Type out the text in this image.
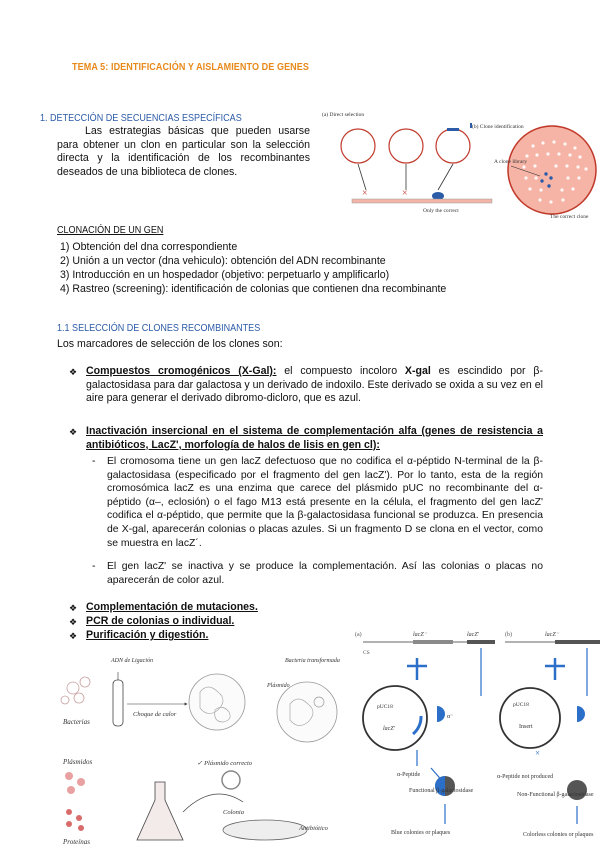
TEMA 5: IDENTIFICACIÓN Y AISLAMIENTO DE GENES
1. DETECCIÓN DE SECUENCIAS ESPECÍFICAS
Las estrategias básicas que pueden usarse para obtener un clon en particular son la selección directa y la identificación de los recombinantes deseados de una biblioteca de clones.
(a) Direct selection
×	×
Only the correct
(b) Clone identification
A clone library
The correct clone
CLONACIÓN DE UN GEN
1) Obtención del dna correspondiente
2) Unión a un vector (dna vehiculo): obtención del ADN recombinante
3) Introducción en un hospedador (objetivo: perpetuarlo y amplificarlo)
4) Rastreo (screening): identificación de colonias que contienen dna recombinante
1.1 SELECCIÓN DE CLONES RECOMBINANTES
Los marcadores de selección de los clones son:
❖ Compuestos cromogénicos (X-Gal): el compuesto incoloro X-gal es escindido por β-galactosidasa para dar galactosa y un derivado de indoxilo. Este derivado se oxida a su vez en el aire para generar el derivado dibromo-dicloro, que es azul.
❖ Inactivación insercional en el sistema de complementación alfa (genes de resistencia a antibióticos, LacZ', morfología de halos de lisis en gen cl):
- El cromosoma tiene un gen lacZ defectuoso que no codifica el α-péptido N-terminal de la β-galactosidasa (especificado por el fragmento del gen lacZ'). Por lo tanto, esta de la región cromosómica lacZ es una enzima que carece del plásmido pUC no recombinante del α-péptido (α–, eclosión) o el fago M13 está presente en la célula, el fragmento del gen lacZ' codifica el α-péptido, que permite que la β-galactosidasa funcional se produzca. En presencia de X-gal, aparecerán colonias o placas azules. Si un fragmento D se clona en el vector, como se muestra en lacZ´.
- El gen lacZ' se inactiva y se produce la complementación. Así las colonias o placas no aparecerán de color azul.
❖ Complementación de mutaciones.
❖ PCR de colonias o individual.
❖ Purificación y digestión.
Bacterias
ADN de Ligación
Choque de calor
Bacteria transformada
Plásmido
Plásmidos
Proteínas
✓ Plásmido correcto
Colonia
Antibiótico
(a)	(b)
lacZ⁻	lacZ'	lacZ⁻
CS
pUC18
lacZ'
pUC18
Insert
α⁻
α-Peptide
×
α-Peptide not produced
Functional β-galactosidase
Non-Functional β-galactosidase
Blue colonies or plaques	Colorless colonies or plaques
